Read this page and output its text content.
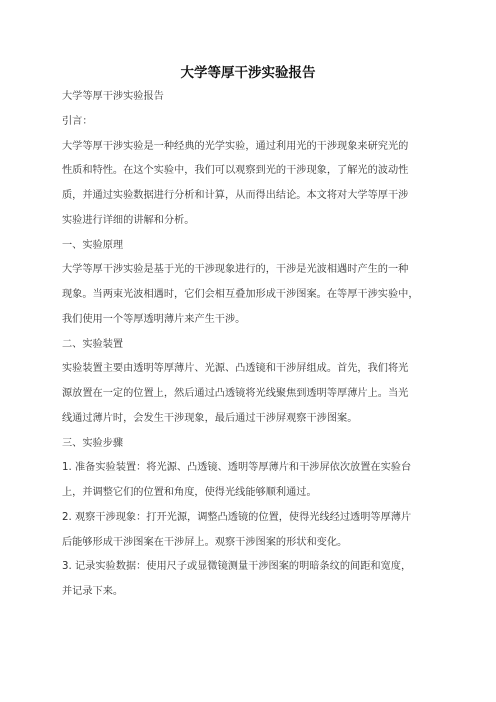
大学等厚干涉实验报告
大学等厚干涉实验报告
引言：
大学等厚干涉实验是一种经典的光学实验，通过利用光的干涉现象来研究光的
性质和特性。在这个实验中，我们可以观察到光的干涉现象，了解光的波动性
质，并通过实验数据进行分析和计算，从而得出结论。本文将对大学等厚干涉
实验进行详细的讲解和分析。
一、实验原理
大学等厚干涉实验是基于光的干涉现象进行的，干涉是光波相遇时产生的一种
现象。当两束光波相遇时，它们会相互叠加形成干涉图案。在等厚干涉实验中，
我们使用一个等厚透明薄片来产生干涉。
二、实验装置
实验装置主要由透明等厚薄片、光源、凸透镜和干涉屏组成。首先，我们将光
源放置在一定的位置上，然后通过凸透镜将光线聚焦到透明等厚薄片上。当光
线通过薄片时，会发生干涉现象，最后通过干涉屏观察干涉图案。
三、实验步骤
1. 准备实验装置：将光源、凸透镜、透明等厚薄片和干涉屏依次放置在实验台
上，并调整它们的位置和角度，使得光线能够顺利通过。
2. 观察干涉现象：打开光源，调整凸透镜的位置，使得光线经过透明等厚薄片
后能够形成干涉图案在干涉屏上。观察干涉图案的形状和变化。
3. 记录实验数据：使用尺子或显微镜测量干涉图案的明暗条纹的间距和宽度，
并记录下来。
